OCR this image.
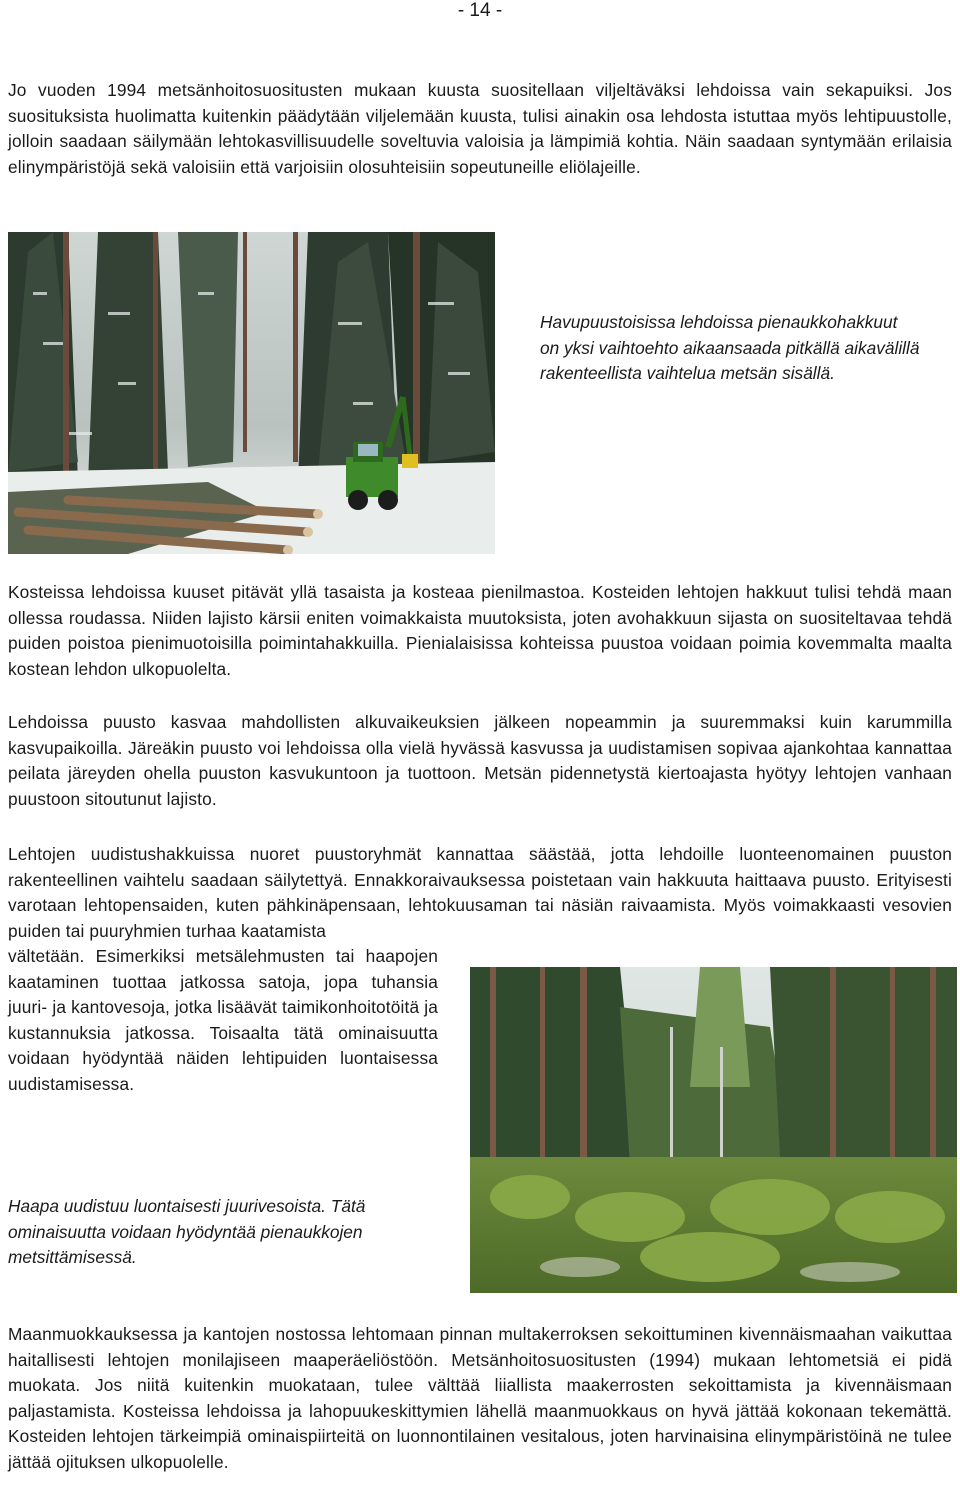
- 14 -

Jo vuoden 1994 metsänhoitosuositusten mukaan kuusta suositellaan viljeltäväksi lehdoissa vain sekapuiksi. Jos suosituksista huolimatta kuitenkin päädytään viljelemään kuusta, tulisi ainakin osa lehdosta istuttaa myös lehtipuustolle, jolloin saadaan säilymään lehtokasvillisuudelle soveltuvia valoisia ja lämpimiä kohtia. Näin saadaan syntymään erilaisia elinympäristöjä sekä valoisiin että varjoisiin olosuhteisiin sopeutuneille eliölajeille.

Havupuustoisissa lehdoissa pienaukkohakkuut on yksi vaihtoehto aikaansaada pitkällä aikavälillä rakenteellista vaihtelua metsän sisällä.

Kosteissa lehdoissa kuuset pitävät yllä tasaista ja kosteaa pienilmastoa. Kosteiden lehtojen hakkuut tulisi tehdä maan ollessa roudassa. Niiden lajisto kärsii eniten voimakkaista muutoksista, joten avohakkuun sijasta on suositeltavaa tehdä puiden poistoa pienimuotoisilla poimintahakkuilla. Pienialaisissa kohteissa puustoa voidaan poimia kovemmalta maalta kostean lehdon ulkopuolelta.

Lehdoissa puusto kasvaa mahdollisten alkuvaikeuksien jälkeen nopeammin ja suuremmaksi kuin karummilla kasvupaikoilla. Järeäkin puusto voi lehdoissa olla vielä hyvässä kasvussa ja uudistamisen sopivaa ajankohtaa kannattaa peilata järeyden ohella puuston kasvukuntoon ja tuottoon. Metsän pidennetystä kiertoajasta hyötyy lehtojen vanhaan puustoon sitoutunut lajisto.

Lehtojen uudistushakkuissa nuoret puustoryhmät kannattaa säästää, jotta lehdoille luonteenomainen puuston rakenteellinen vaihtelu saadaan säilytettyä. Ennakkoraivauksessa poistetaan vain hakkuuta haittaava puusto. Erityisesti varotaan lehtopensaiden, kuten pähkinäpensaan, lehtokuusaman tai näsiän raivaamista. Myös voimakkaasti vesovien puiden tai puuryhmien turhaa kaatamista

vältetään. Esimerkiksi metsälehmusten tai haapojen kaataminen tuottaa jatkossa satoja, jopa tuhansia juuri- ja kantovesoja, jotka lisäävät taimikonhoitotöitä ja kustannuksia jatkossa. Toisaalta tätä ominaisuutta voidaan hyödyntää näiden lehtipuiden luontaisessa uudistamisessa.

Haapa uudistuu luontaisesti juurivesoista. Tätä ominaisuutta voidaan hyödyntää pienaukkojen metsittämisessä.

Maanmuokkauksessa ja kantojen nostossa lehtomaan pinnan multakerroksen sekoittuminen kivennäismaahan vaikuttaa haitallisesti lehtojen monilajiseen maaperäeliöstöön. Metsänhoitosuositusten (1994) mukaan lehtometsiä ei pidä muokata. Jos niitä kuitenkin muokataan, tulee välttää liiallista maakerrosten sekoittamista ja kivennäismaan paljastamista. Kosteissa lehdoissa ja lahopuukeskittymien lähellä maanmuokkaus on hyvä jättää kokonaan tekemättä. Kosteiden lehtojen tärkeimpiä ominaispiirteitä on luonnontilainen vesitalous, joten harvinaisina elinympäristöinä ne tulee jättää ojituksen ulkopuolelle.
